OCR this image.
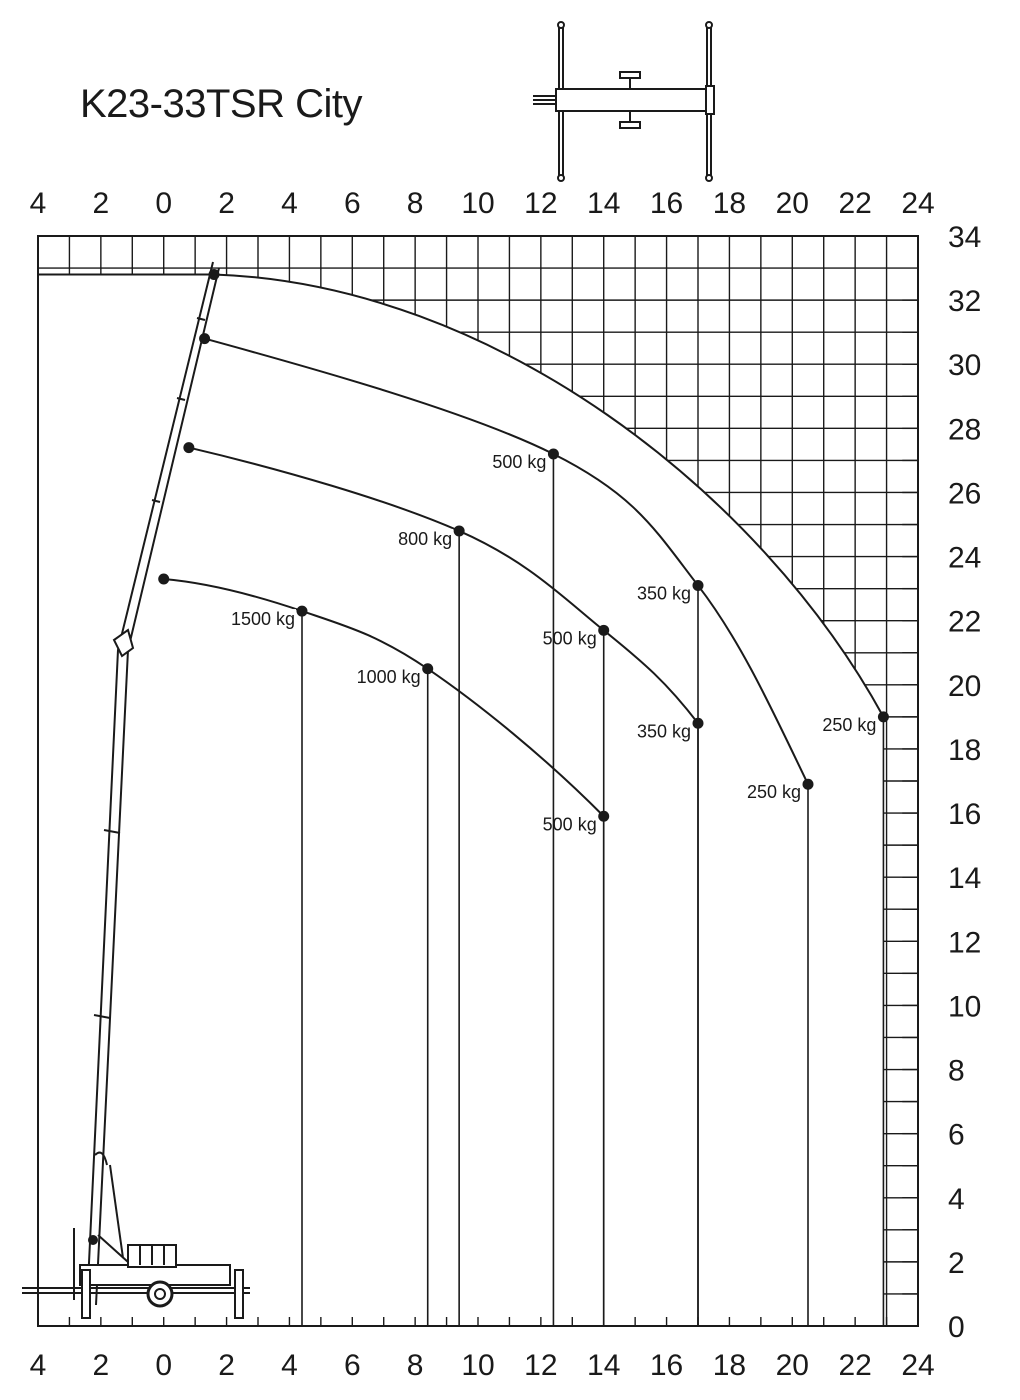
K23-33TSR City
4 2 0 2 4 6 8 10 12 14 16 18 20 22 24
4 2 0 2 4 6 8 10 12 14 16 18 20 22 24
0
2
4
6
8
10
12
14
16
18
20
22
24
26
28
30
32
34
1500 kg
1000 kg
500 kg
800 kg
500 kg
350 kg
500 kg
350 kg
250 kg
250 kg
